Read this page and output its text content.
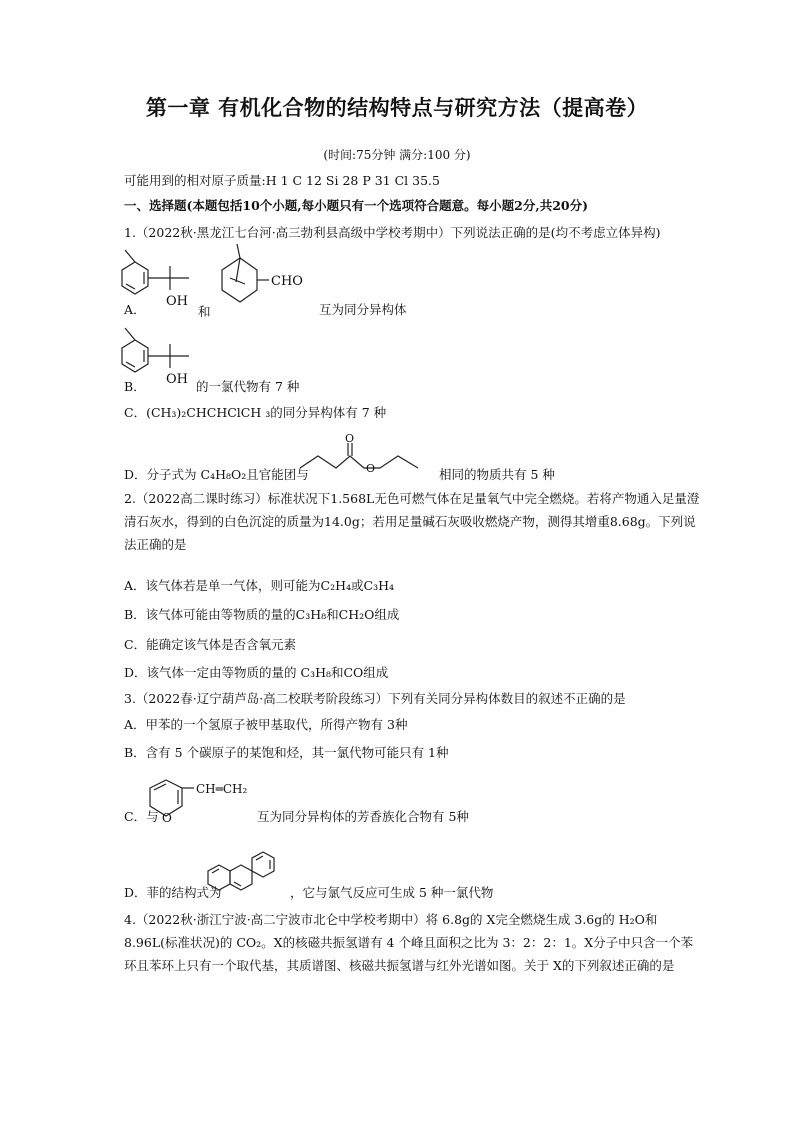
第一章 有机化合物的结构特点与研究方法（提高卷）
(时间:75分钟 满分:100 分)
可能用到的相对原子质量:H 1 C 12 Si 28 P 31 Cl 35.5
一、选择题(本题包括10个小题,每小题只有一个选项符合题意。每小题2分,共20分)
1.（2022秋·黑龙江七台河·高三勃利县高级中学校考期中）下列说法正确的是(均不考虑立体异构)
A．
OH
和
CHO
互为同分异构体
B． OH 的一氯代物有 7 种
C．(CH₃)₂CHCHClCH ₃的同分异构体有 7 种
D．分子式为 C₄H₈O₂且官能团与
O
O	相同的物质共有 5 种
2.（2022高二课时练习）标准状况下1.568L无色可燃气体在足量氧气中完全燃烧。若将产物通入足量澄清石灰水，得到的白色沉淀的质量为14.0g；若用足量碱石灰吸收燃烧产物，测得其增重8.68g。下列说法正确的是
A．该气体若是单一气体，则可能为C₂H₄或C₃H₄
B．该气体可能由等物质的量的C₃H₈和CH₂O组成
C．能确定该气体是否含氧元素
D．该气体一定由等物质的量的 C₃H₈和CO组成
3.（2022春·辽宁葫芦岛·高二校联考阶段练习）下列有关同分异构体数目的叙述不正确的是
A．甲苯的一个氢原子被甲基取代，所得产物有 3种
B．含有 5 个碳原子的某饱和烃，其一氯代物可能只有 1种
C．与
CH═CH₂
O	互为同分异构体的芳香族化合物有 5种
D．菲的结构式为	，它与氯气反应可生成 5 种一氯代物
4.（2022秋·浙江宁波·高二宁波市北仑中学校考期中）将 6.8g的 X完全燃烧生成 3.6g的 H₂O和8.96L(标准状况)的 CO₂。X的核磁共振氢谱有 4 个峰且面积之比为 3：2：2：1。X分子中只含一个苯环且苯环上只有一个取代基，其质谱图、核磁共振氢谱与红外光谱如图。关于 X的下列叙述正确的是
